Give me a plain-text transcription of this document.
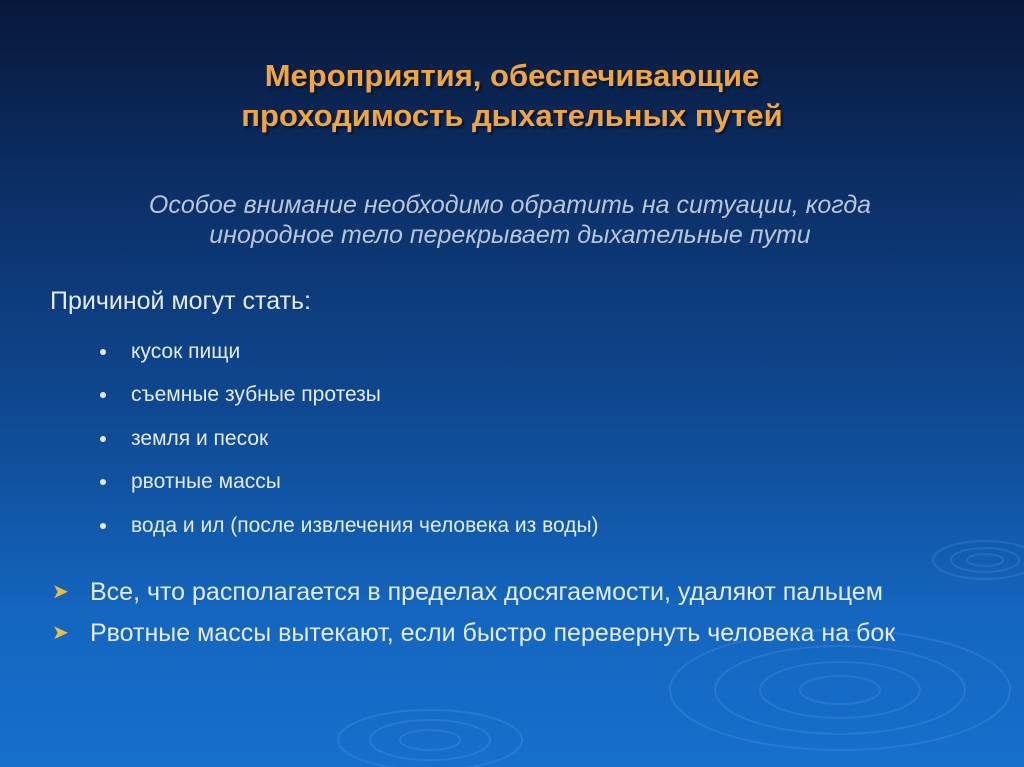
Мероприятия, обеспечивающие
проходимость дыхательных путей
Особое внимание необходимо обратить на ситуации, когда
инородное тело перекрывает дыхательные пути
Причиной могут стать:
кусок пищи
съемные зубные протезы
земля и песок
рвотные массы
вода и ил (после извлечения человека из воды)
➤ Все, что располагается в пределах досягаемости, удаляют пальцем
➤ Рвотные массы вытекают, если быстро перевернуть человека на бок
